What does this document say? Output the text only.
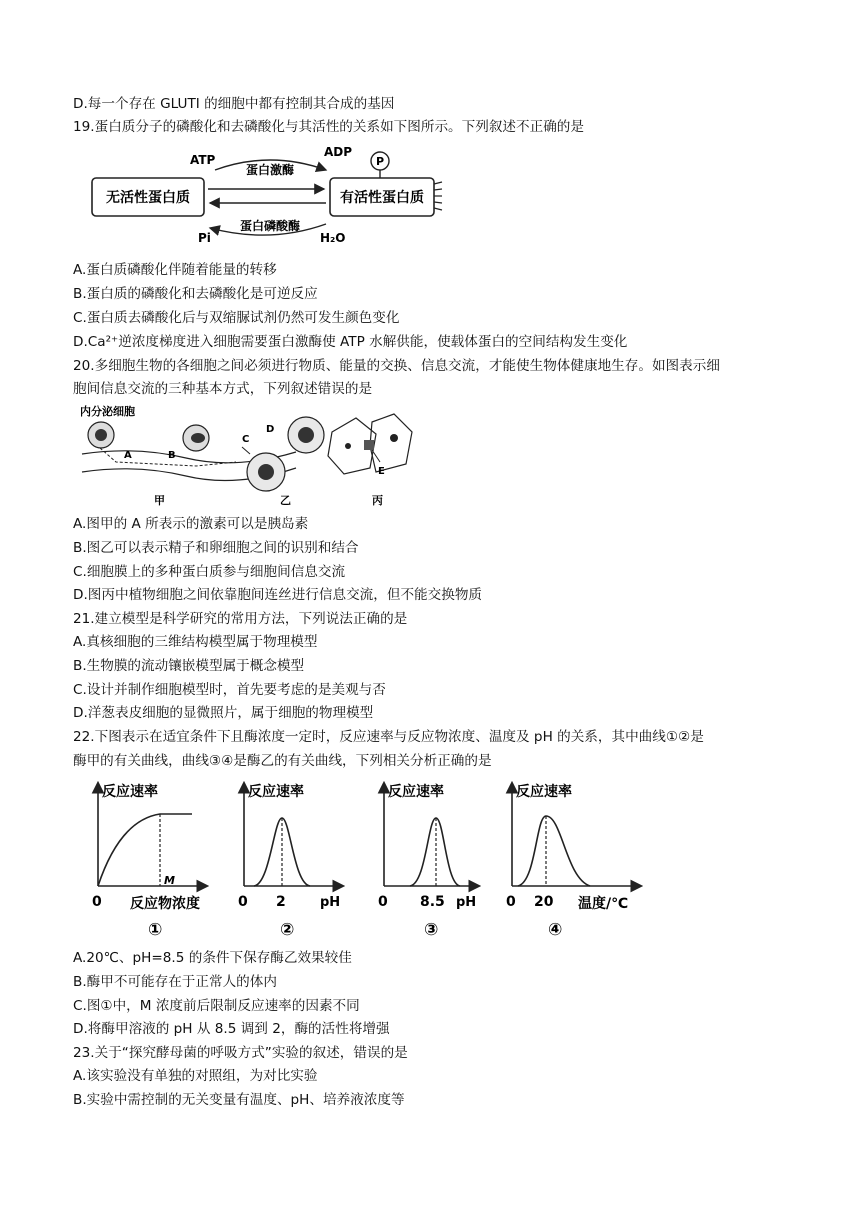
D.每一个存在 GLUTI 的细胞中都有控制其合成的基因
19.蛋白质分子的磷酸化和去磷酸化与其活性的关系如下图所示。下列叙述不正确的是
无活性蛋白质	有活性蛋白质
P
ATP
ADP
蛋白激酶
蛋白磷酸酶
Pi	H₂O
A.蛋白质磷酸化伴随着能量的转移
B.蛋白质的磷酸化和去磷酸化是可逆反应
C.蛋白质去磷酸化后与双缩脲试剂仍然可发生颜色变化
D.Ca²⁺逆浓度梯度进入细胞需要蛋白激酶使 ATP 水解供能，使载体蛋白的空间结构发生变化
20.多细胞生物的各细胞之间必须进行物质、能量的交换、信息交流，才能使生物体健康地生存。如图表示细
胞间信息交流的三种基本方式，下列叙述错误的是
内分泌细胞
A	B
C
D
E
甲	乙	丙
A.图甲的 A 所表示的激素可以是胰岛素
B.图乙可以表示精子和卵细胞之间的识别和结合
C.细胞膜上的多种蛋白质参与细胞间信息交流
D.图丙中植物细胞之间依靠胞间连丝进行信息交流，但不能交换物质
21.建立模型是科学研究的常用方法，下列说法正确的是
A.真核细胞的三维结构模型属于物理模型
B.生物膜的流动镶嵌模型属于概念模型
C.设计并制作细胞模型时，首先要考虑的是美观与否
D.洋葱表皮细胞的显微照片，属于细胞的物理模型
22.下图表示在适宜条件下且酶浓度一定时，反应速率与反应物浓度、温度及 pH 的关系，其中曲线①②是
酶甲的有关曲线，曲线③④是酶乙的有关曲线，下列相关分析正确的是
反应速率
M
0 反应物浓度
①
反应速率
0 2	pH
②
反应速率
0 8.5 pH
③
反应速率
0 20 温度/℃
④
A.20℃、pH=8.5 的条件下保存酶乙效果较佳
B.酶甲不可能存在于正常人的体内
C.图①中，M 浓度前后限制反应速率的因素不同
D.将酶甲溶液的 pH 从 8.5 调到 2，酶的活性将增强
23.关于“探究酵母菌的呼吸方式”实验的叙述，错误的是
A.该实验没有单独的对照组，为对比实验
B.实验中需控制的无关变量有温度、pH、培养液浓度等
